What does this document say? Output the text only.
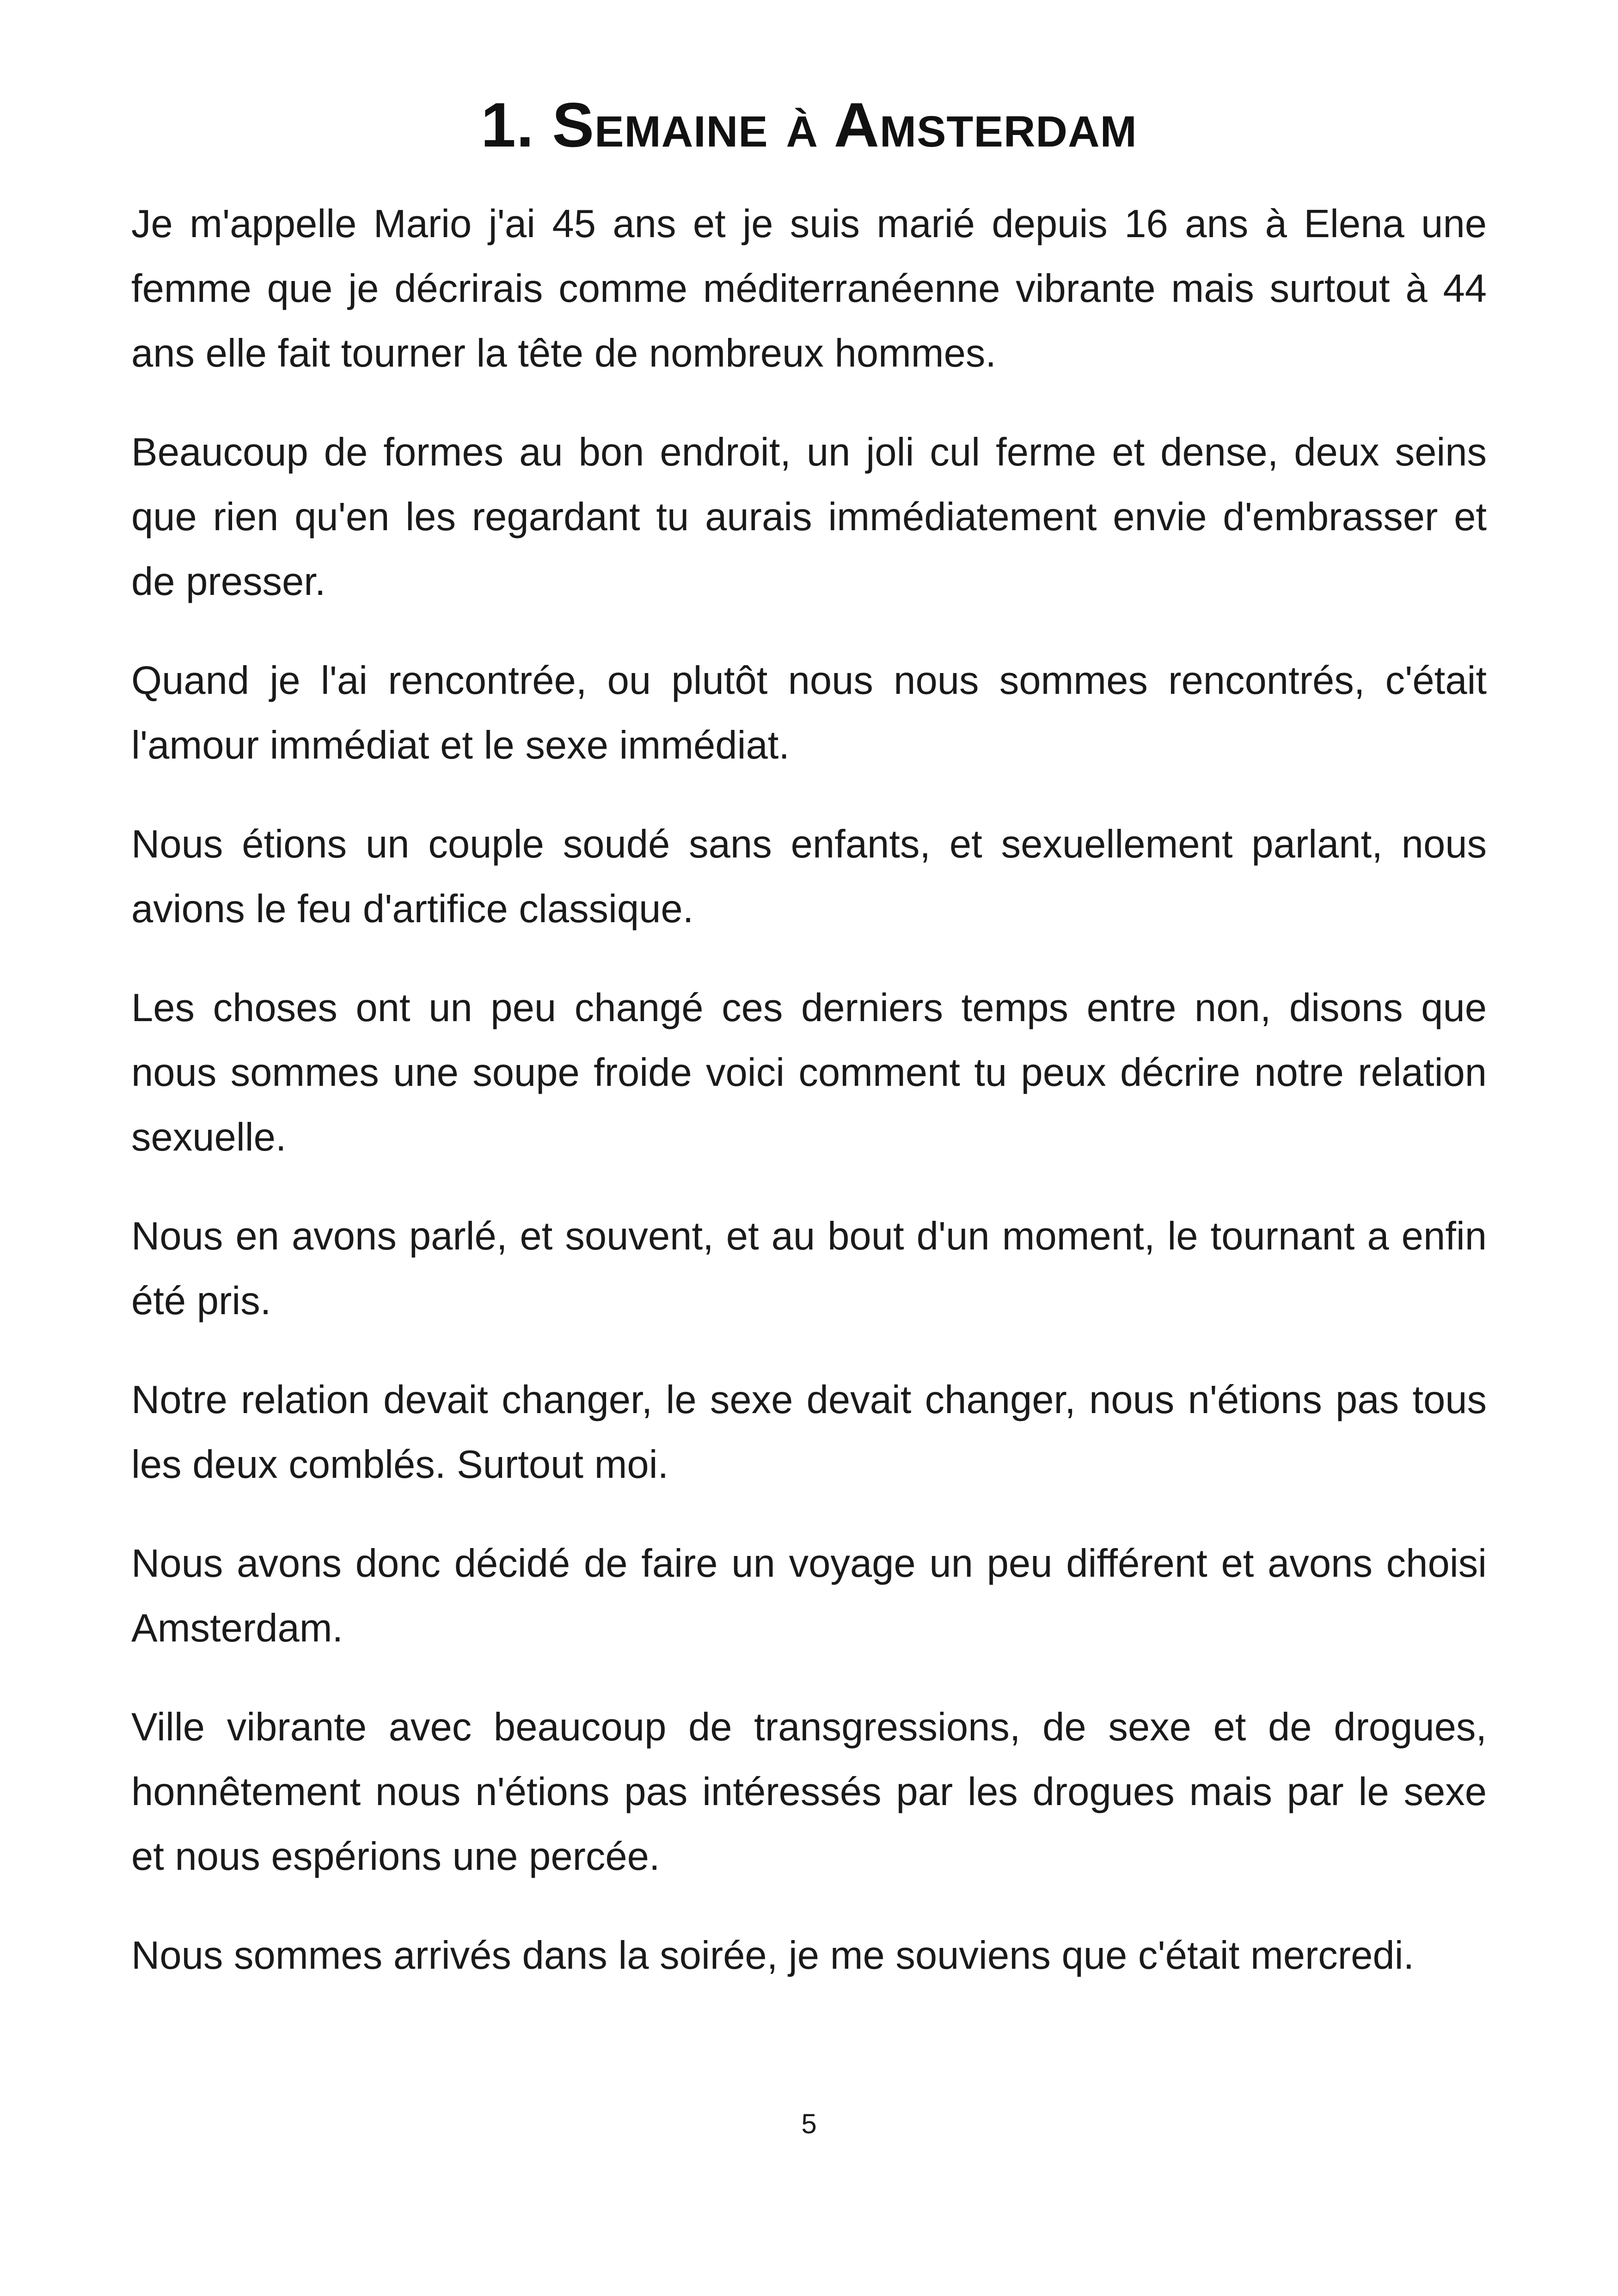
1. Semaine à Amsterdam

Je m'appelle Mario j'ai 45 ans et je suis marié depuis 16 ans à Elena une femme que je décrirais comme méditerranéenne vibrante mais surtout à 44 ans elle fait tourner la tête de nombreux hommes.

Beaucoup de formes au bon endroit, un joli cul ferme et dense, deux seins que rien qu'en les regardant tu aurais immédiatement envie d'embrasser et de presser.

Quand je l'ai rencontrée, ou plutôt nous nous sommes rencontrés, c'était l'amour immédiat et le sexe immédiat.

Nous étions un couple soudé sans enfants, et sexuellement parlant, nous avions le feu d'artifice classique.

Les choses ont un peu changé ces derniers temps entre non, disons que nous sommes une soupe froide voici comment tu peux décrire notre relation sexuelle.

Nous en avons parlé, et souvent, et au bout d'un moment, le tournant a enfin été pris.

Notre relation devait changer, le sexe devait changer, nous n'étions pas tous les deux comblés. Surtout moi.

Nous avons donc décidé de faire un voyage un peu différent et avons choisi Amsterdam.

Ville vibrante avec beaucoup de transgressions, de sexe et de drogues, honnêtement nous n'étions pas intéressés par les drogues mais par le sexe et nous espérions une percée.

Nous sommes arrivés dans la soirée, je me souviens que c'était mercredi.

5
